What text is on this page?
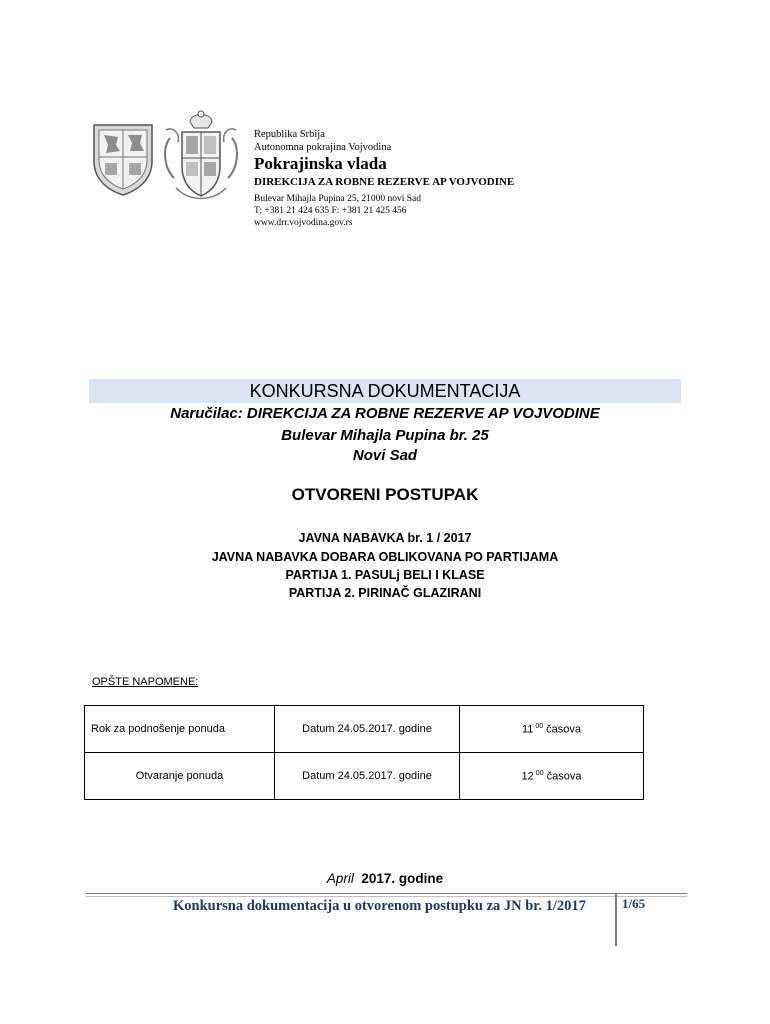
Republika Srbija
Autonomna pokrajina Vojvodina
Pokrajinska vlada
DIREKCIJA ZA ROBNE REZERVE AP VOJVODINE
Bulevar Mihajla Pupina 25, 21000 novi Sad
T: +381 21 424 635 F: +381 21 425 456
www.drr.vojvodina.gov.rs
KONKURSNA DOKUMENTACIJA
Naručilac: DIREKCIJA ZA ROBNE REZERVE AP VOJVODINE
Bulevar Mihajla Pupina br. 25
Novi Sad
OTVORENI POSTUPAK
JAVNA NABAVKA br. 1 / 2017
JAVNA NABAVKA DOBARA OBLIKOVANA PO PARTIJAMA
PARTIJA 1. PASULj BELI I KLASE
PARTIJA 2. PIRINAČ GLAZIRANI
OPŠTE NAPOMENE:
Rok za podnošenje ponuda	Datum 24.05.2017. godine	11 $^{00}$ časova
Otvaranje ponuda	Datum 24.05.2017. godine	12 $^{00}$ časova
April 2017. godine
Konkursna dokumentacija u otvorenom postupku za JN br. 1/2017	1/65
